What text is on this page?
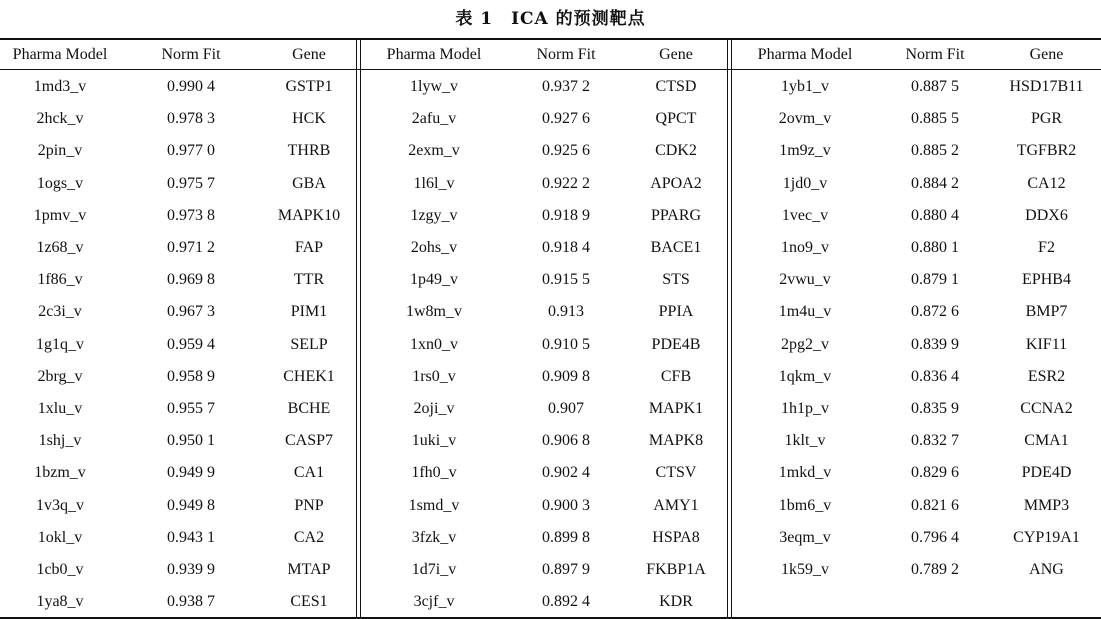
表 1 ICA 的预测靶点
Pharma Model	Norm Fit	Gene
1md3_v	0.990 4	GSTP1
2hck_v	0.978 3	HCK
2pin_v	0.977 0	THRB
1ogs_v	0.975 7	GBA
1pmv_v	0.973 8	MAPK10
1z68_v	0.971 2	FAP
1f86_v	0.969 8	TTR
2c3i_v	0.967 3	PIM1
1g1q_v	0.959 4	SELP
2brg_v	0.958 9	CHEK1
1xlu_v	0.955 7	BCHE
1shj_v	0.950 1	CASP7
1bzm_v	0.949 9	CA1
1v3q_v	0.949 8	PNP
1okl_v	0.943 1	CA2
1cb0_v	0.939 9	MTAP
1ya8_v	0.938 7	CES1
Pharma Model	Norm Fit	Gene
1lyw_v	0.937 2	CTSD
2afu_v	0.927 6	QPCT
2exm_v	0.925 6	CDK2
1l6l_v	0.922 2	APOA2
1zgy_v	0.918 9	PPARG
2ohs_v	0.918 4	BACE1
1p49_v	0.915 5	STS
1w8m_v	0.913	PPIA
1xn0_v	0.910 5	PDE4B
1rs0_v	0.909 8	CFB
2oji_v	0.907	MAPK1
1uki_v	0.906 8	MAPK8
1fh0_v	0.902 4	CTSV
1smd_v	0.900 3	AMY1
3fzk_v	0.899 8	HSPA8
1d7i_v	0.897 9	FKBP1A
3cjf_v	0.892 4	KDR
Pharma Model	Norm Fit	Gene
1yb1_v	0.887 5	HSD17B11
2ovm_v	0.885 5	PGR
1m9z_v	0.885 2	TGFBR2
1jd0_v	0.884 2	CA12
1vec_v	0.880 4	DDX6
1no9_v	0.880 1	F2
2vwu_v	0.879 1	EPHB4
1m4u_v	0.872 6	BMP7
2pg2_v	0.839 9	KIF11
1qkm_v	0.836 4	ESR2
1h1p_v	0.835 9	CCNA2
1klt_v	0.832 7	CMA1
1mkd_v	0.829 6	PDE4D
1bm6_v	0.821 6	MMP3
3eqm_v	0.796 4	CYP19A1
1k59_v	0.789 2	ANG
